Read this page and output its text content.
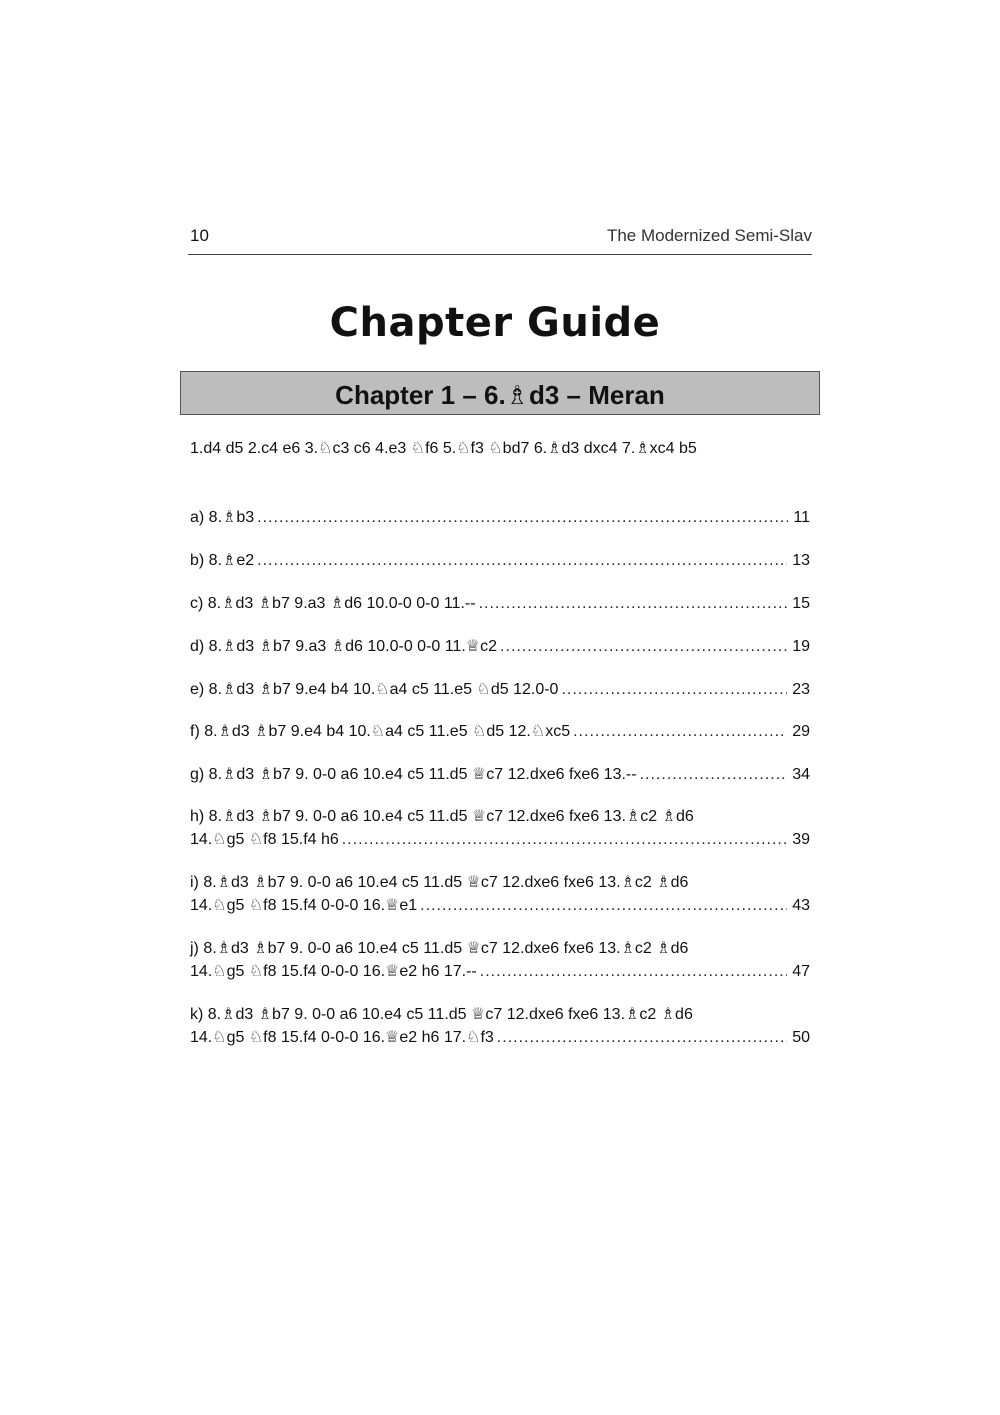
10	The Modernized Semi-Slav
Chapter Guide
Chapter 1 – 6.♗d3 – Meran
1.d4 d5 2.c4 e6 3.♘c3 c6 4.e3 ♘f6 5.♘f3 ♘bd7 6.♗d3 dxc4 7.♗xc4 b5
a) 8.♗b3 .....	11
b) 8.♗e2 .....	13
c) 8.♗d3 ♗b7 9.a3 ♗d6 10.0-0 0-0 11.-- .....	15
d) 8.♗d3 ♗b7 9.a3 ♗d6 10.0-0 0-0 11.♕c2 .....	19
e) 8.♗d3 ♗b7 9.e4 b4 10.♘a4 c5 11.e5 ♘d5 12.0-0 .....	23
f) 8.♗d3 ♗b7 9.e4 b4 10.♘a4 c5 11.e5 ♘d5 12.♘xc5 .....	29
g) 8.♗d3 ♗b7 9. 0-0 a6 10.e4 c5 11.d5 ♕c7 12.dxe6 fxe6 13.-- .....	34
h) 8.♗d3 ♗b7 9. 0-0 a6 10.e4 c5 11.d5 ♕c7 12.dxe6 fxe6 13.♗c2 ♗d6
14.♘g5 ♘f8 15.f4 h6 .....	39
i) 8.♗d3 ♗b7 9. 0-0 a6 10.e4 c5 11.d5 ♕c7 12.dxe6 fxe6 13.♗c2 ♗d6
14.♘g5 ♘f8 15.f4 0-0-0 16.♕e1 .....	43
j) 8.♗d3 ♗b7 9. 0-0 a6 10.e4 c5 11.d5 ♕c7 12.dxe6 fxe6 13.♗c2 ♗d6
14.♘g5 ♘f8 15.f4 0-0-0 16.♕e2 h6 17.-- .....	47
k) 8.♗d3 ♗b7 9. 0-0 a6 10.e4 c5 11.d5 ♕c7 12.dxe6 fxe6 13.♗c2 ♗d6
14.♘g5 ♘f8 15.f4 0-0-0 16.♕e2 h6 17.♘f3 .....	50
